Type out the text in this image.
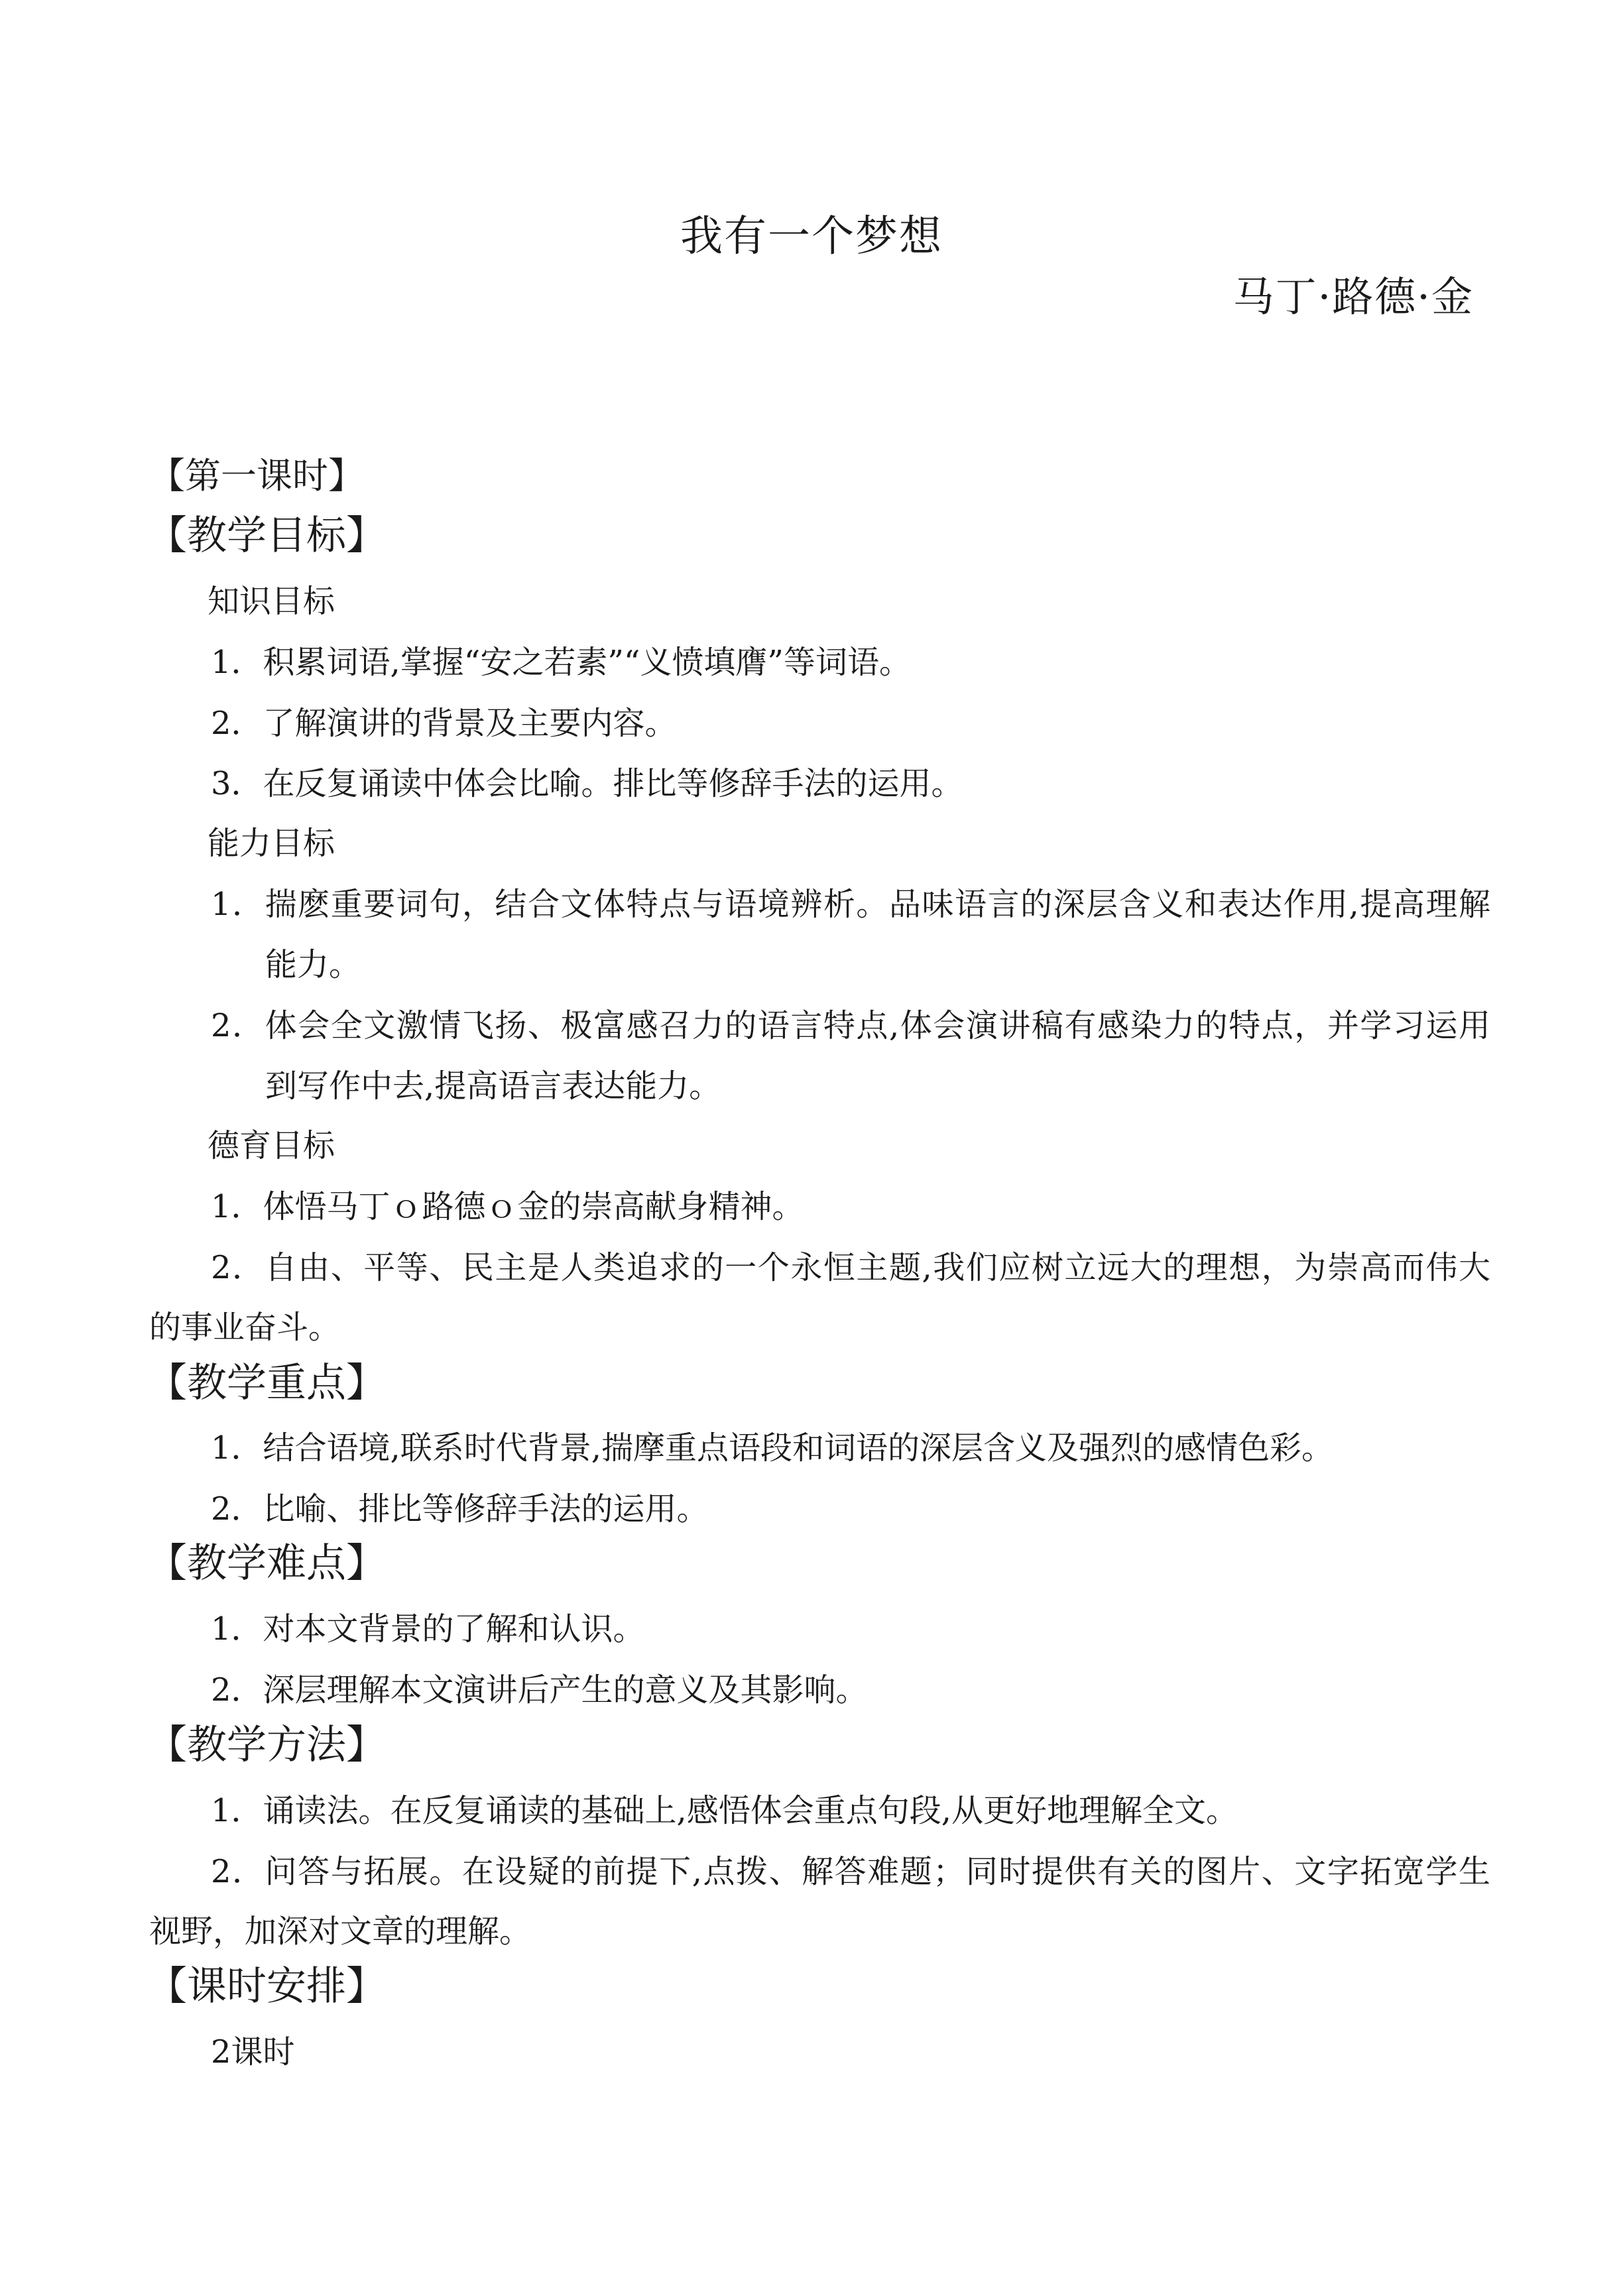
我有一个梦想
马丁·路德·金
【第一课时】
【教学目标】
知识目标
1．积累词语,掌握“安之若素”“义愤填膺”等词语。
2．了解演讲的背景及主要内容。
3．在反复诵读中体会比喻。排比等修辞手法的运用。
能力目标
1．揣麽重要词句，结合文体特点与语境辨析。品味语言的深层含义和表达作用,提高理解
能力。
2．体会全文激情飞扬、极富感召力的语言特点,体会演讲稿有感染力的特点，并学习运用
到写作中去,提高语言表达能力。
德育目标
1．体悟马丁ｏ路德ｏ金的崇高献身精神。
2．自由、平等、民主是人类追求的一个永恒主题,我们应树立远大的理想，为崇高而伟大
的事业奋斗。
【教学重点】
1．结合语境,联系时代背景,揣摩重点语段和词语的深层含义及强烈的感情色彩。
2．比喻、排比等修辞手法的运用。
【教学难点】
1．对本文背景的了解和认识。
2．深层理解本文演讲后产生的意义及其影响。
【教学方法】
1．诵读法。在反复诵读的基础上,感悟体会重点句段,从更好地理解全文。
2．问答与拓展。在设疑的前提下,点拨、解答难题；同时提供有关的图片、文字拓宽学生
视野，加深对文章的理解。
【课时安排】
2课时
